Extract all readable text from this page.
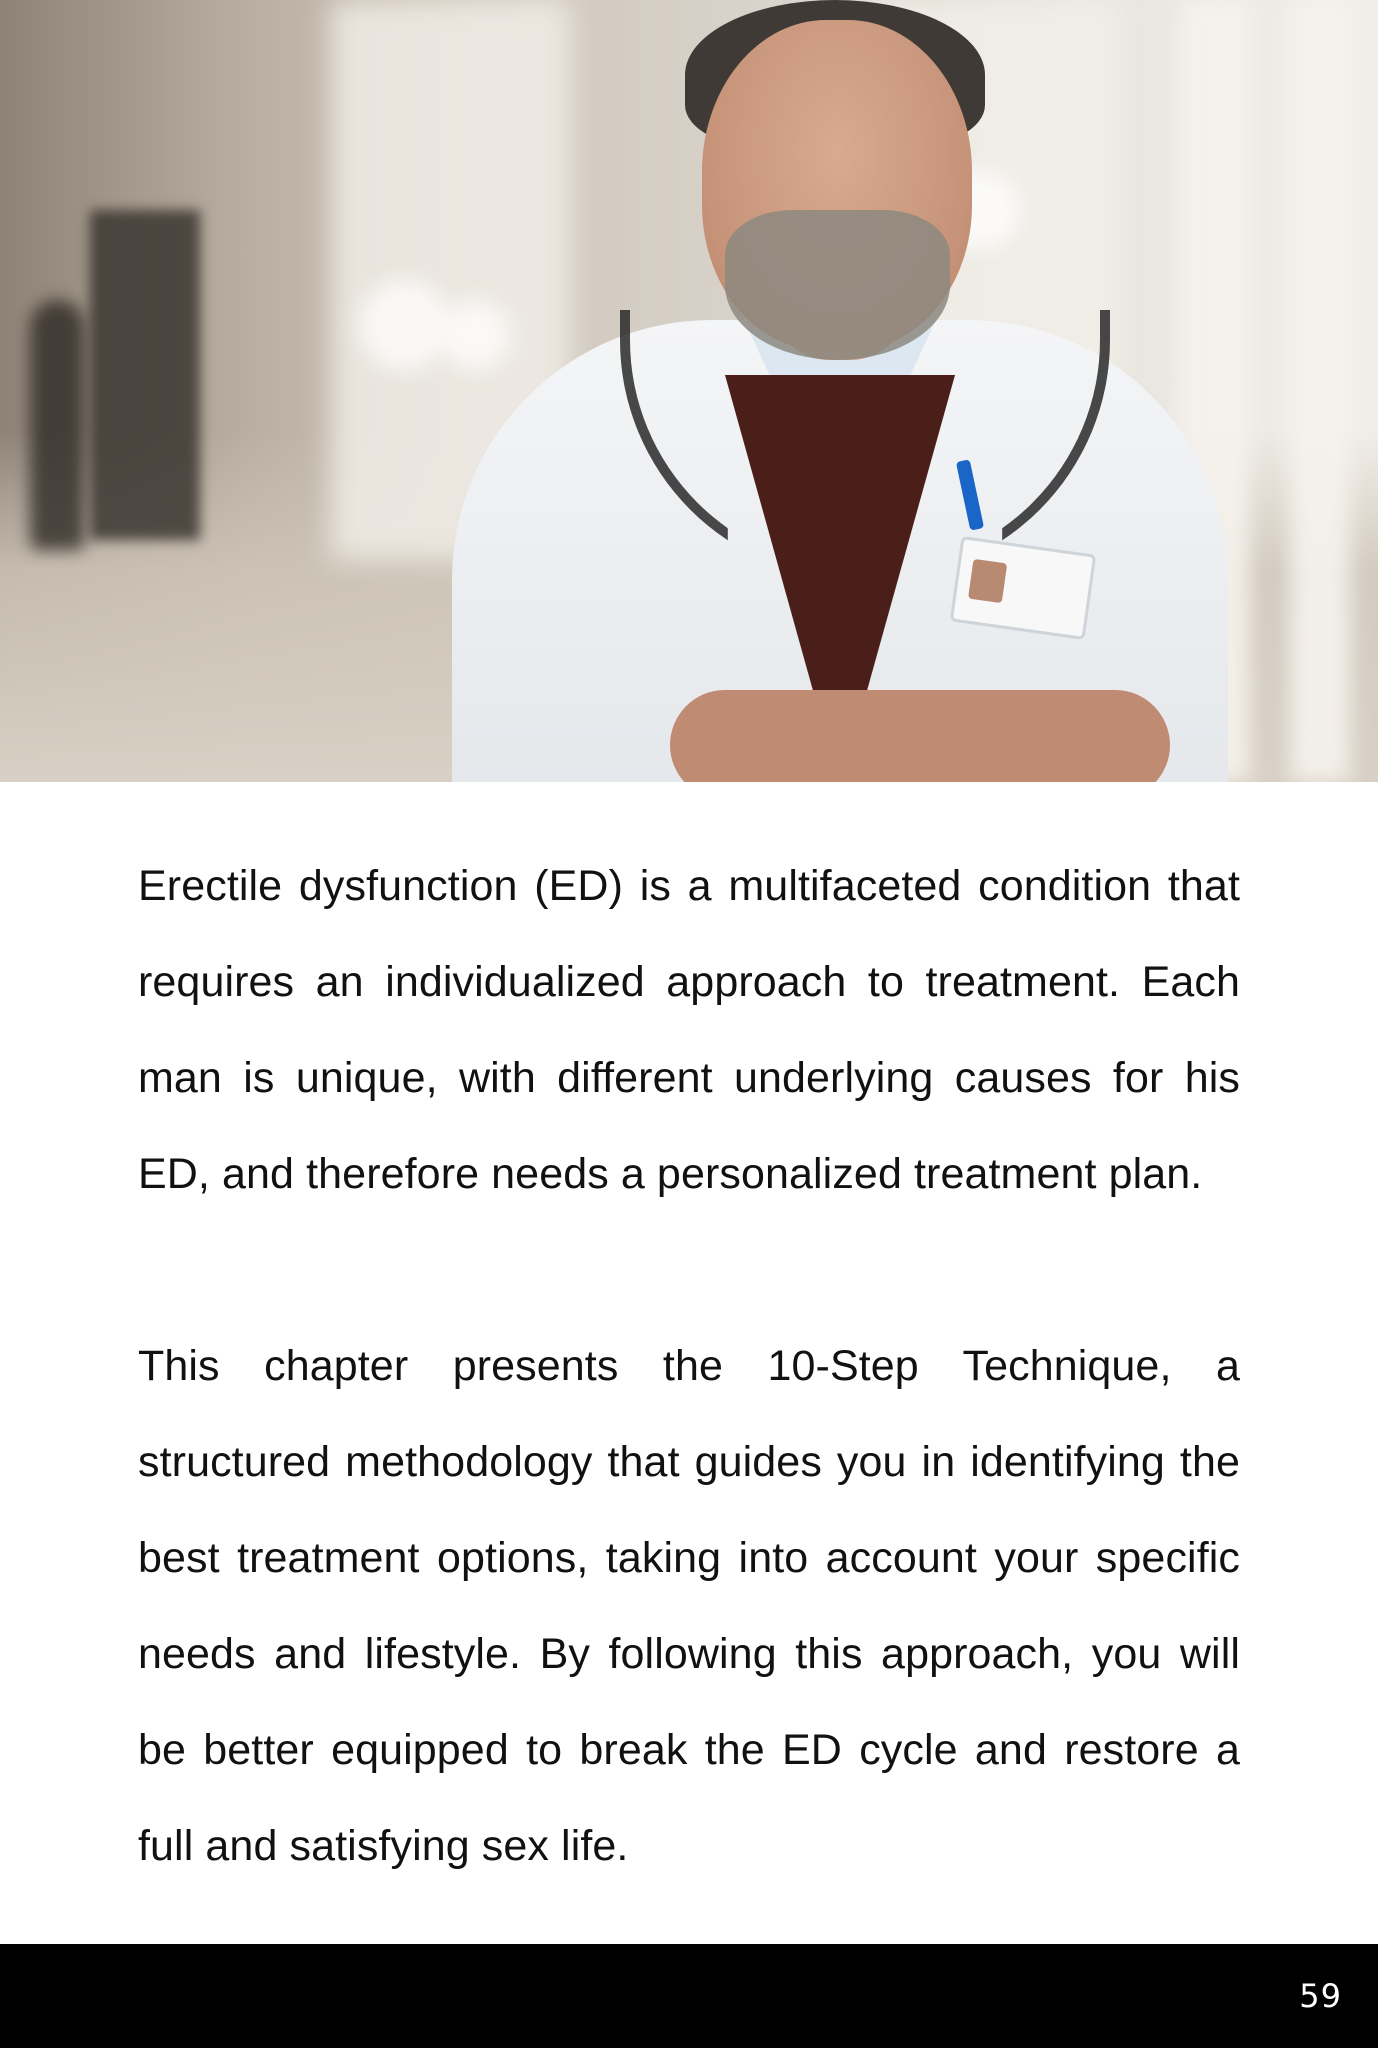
Erectile dysfunction (ED) is a multifaceted condition that requires an individualized approach to treatment. Each man is unique, with different underlying causes for his ED, and therefore needs a personalized treatment plan.

This chapter presents the 10-Step Technique, a structured methodology that guides you in identifying the best treatment options, taking into account your specific needs and lifestyle. By following this approach, you will be better equipped to break the ED cycle and restore a full and satisfying sex life.

59
